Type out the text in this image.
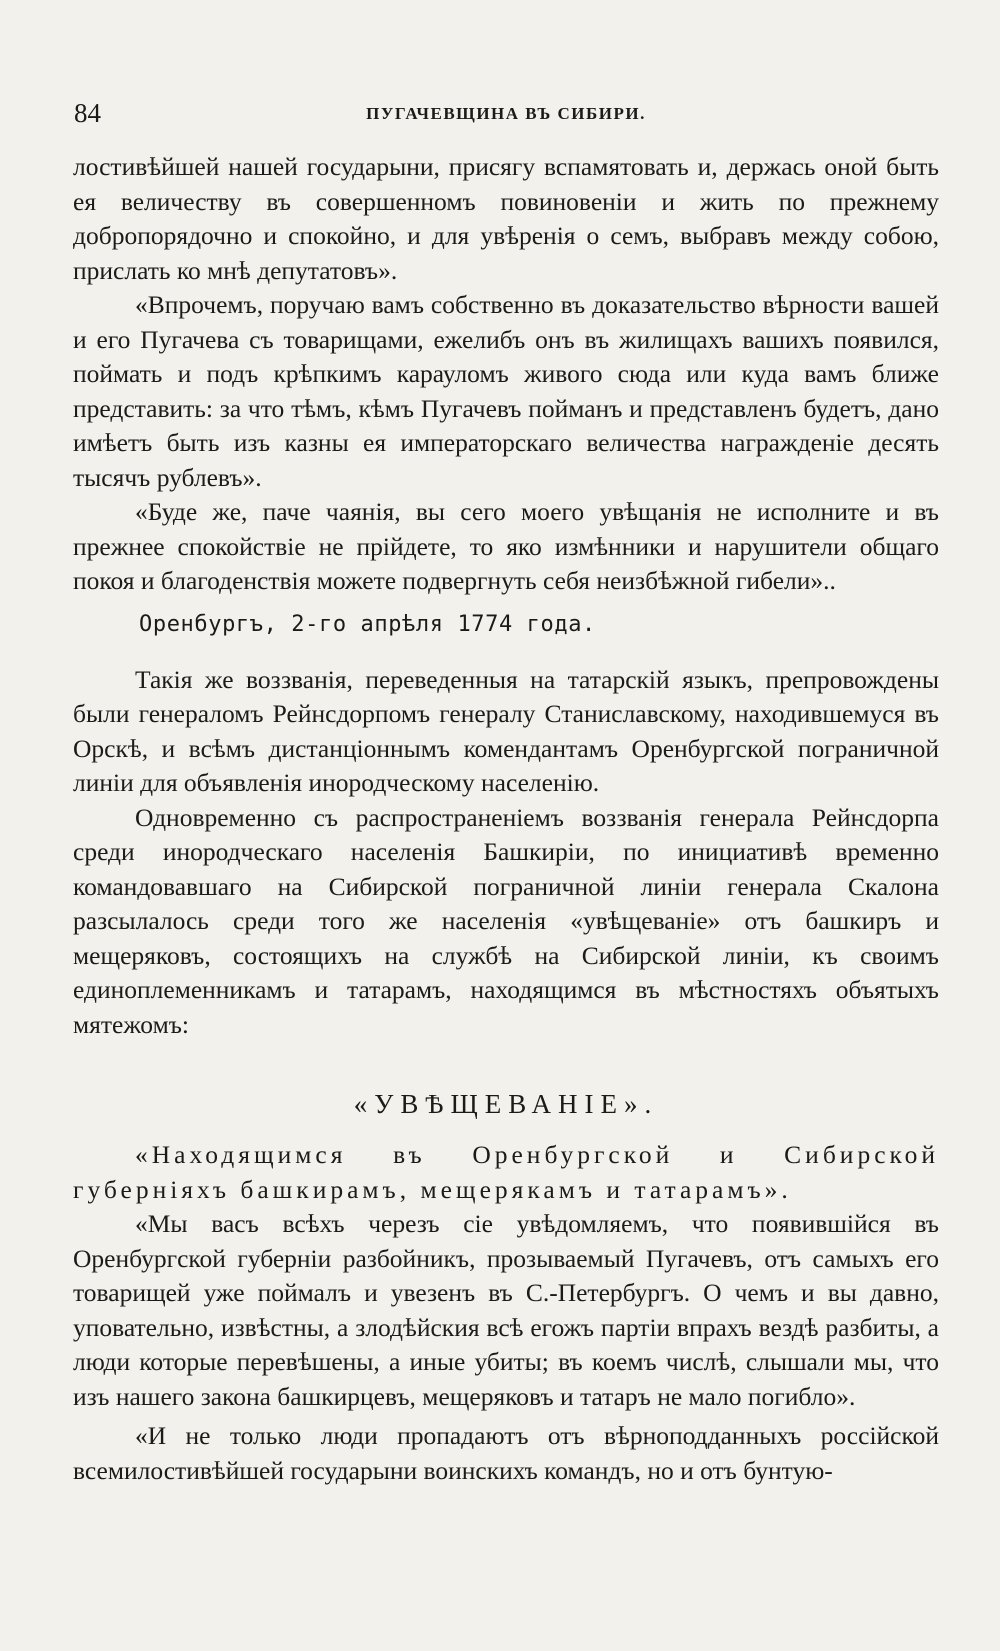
84	ПУГАЧЕВЩИНА ВЪ СИБИРИ.

лостивѣйшей нашей государыни, присягу вспамятовать и, держась оной быть ея величеству въ совершенномъ повиновенiи и жить по прежнему добропорядочно и спокойно, и для увѣренiя о семъ, выбравъ между собою, прислать ко мнѣ депутатовъ».

«Впрочемъ, поручаю вамъ собственно въ доказательство вѣрности вашей и его Пугачева съ товарищами, ежелибъ онъ въ жилищахъ вашихъ появился, поймать и подъ крѣпкимъ карауломъ живого сюда или куда вамъ ближе представить: за что тѣмъ, кѣмъ Пугачевъ пойманъ и представленъ будетъ, дано имѣетъ быть изъ казны ея императорскаго величества награжденiе десять тысячъ рублевъ».

«Буде же, паче чаянiя, вы сего моего увѣщанiя не исполните и въ прежнее спокойствiе не прiйдете, то яко измѣнники и нарушители общаго покоя и благоденствiя можете подвергнуть себя неизбѣжной гибели»..

Оренбургъ, 2-го апрѣля 1774 года.

Такiя же воззванiя, переведенныя на татарскiй языкъ, препровождены были генераломъ Рейнсдорпомъ генералу Станиславскому, находившемуся въ Орскѣ, и всѣмъ дистанцiоннымъ комендантамъ Оренбургской пограничной линiи для объявленiя инородческому населенiю.

Одновременно съ распространенiемъ воззванiя генерала Рейнсдорпа среди инородческаго населенiя Башкирiи, по инициативѣ временно командовавшаго на Сибирской пограничной линiи генерала Скалона разсылалось среди того же населенiя «увѣщеванiе» отъ башкиръ и мещеряковъ, состоящихъ на службѣ на Сибирской линiи, къ своимъ единоплеменникамъ и татарамъ, находящимся въ мѣстностяхъ объятыхъ мятежомъ:

«УВѢЩЕВАНIЕ».

«Находящимся въ Оренбургской и Сибирской губернiяхъ башкирамъ, мещерякамъ и татарамъ».

«Мы васъ всѣхъ черезъ сiе увѣдомляемъ, что появившiйся въ Оренбургской губернiи разбойникъ, прозываемый Пугачевъ, отъ самыхъ его товарищей уже поймалъ и увезенъ въ С.-Петербургъ. О чемъ и вы давно, уповательно, извѣстны, а злодѣйския всѣ егожъ партiи впрахъ вездѣ разбиты, а люди которые перевѣшены, а иные убиты; въ коемъ числѣ, слышали мы, что изъ нашего закона башкирцевъ, мещеряковъ и татаръ не мало погибло».

«И не только люди пропадаютъ отъ вѣрноподданныхъ россiйской всемилостивѣйшей государыни воинскихъ командъ, но и отъ бунтую-
